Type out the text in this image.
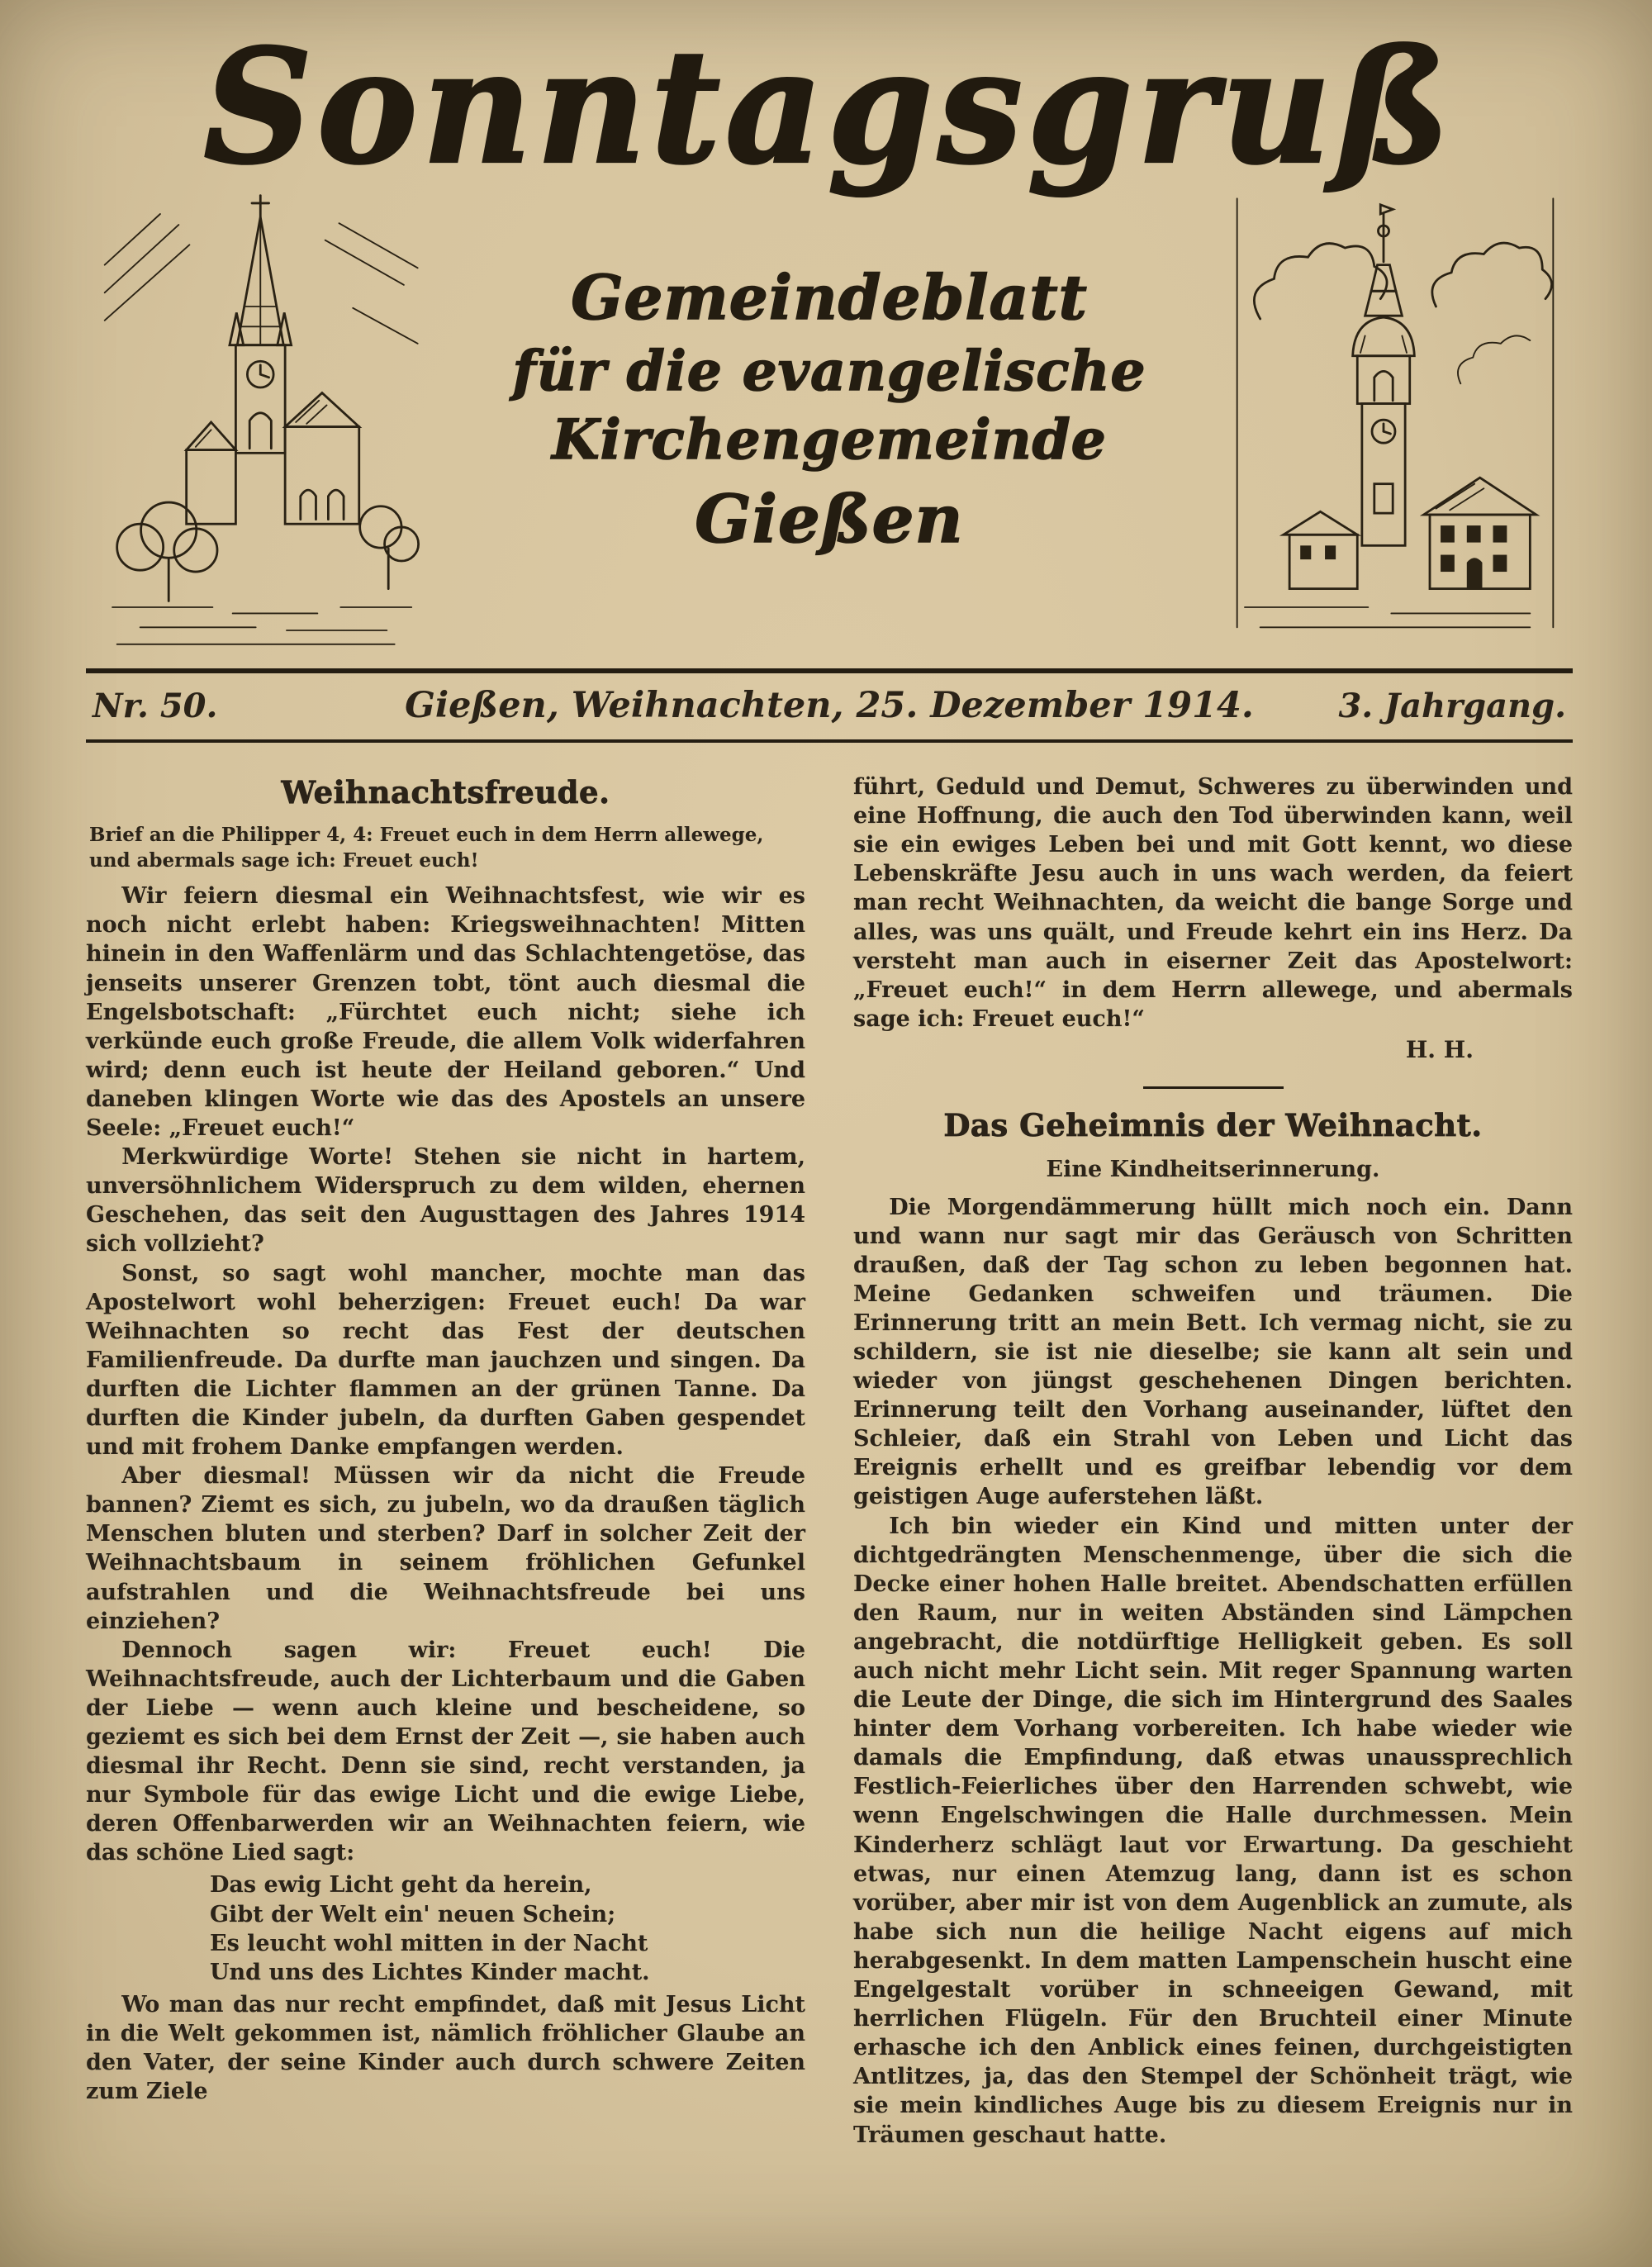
Sonntagsgruß
Gemeindeblatt
für die evangelische
Kirchengemeinde
Gießen
Nr. 50.	Gießen, Weihnachten, 25. Dezember 1914.	3. Jahrgang.
Weihnachtsfreude.

Brief an die Philipper 4, 4: Freuet euch in dem Herrn allewege, und abermals sage ich: Freuet euch!

Wir feiern diesmal ein Weihnachtsfest, wie wir es noch nicht erlebt haben: Kriegsweihnachten! Mitten hinein in den Waffenlärm und das Schlachtengetöse, das jenseits unserer Grenzen tobt, tönt auch diesmal die Engelsbotschaft: „Fürchtet euch nicht; siehe ich verkünde euch große Freude, die allem Volk widerfahren wird; denn euch ist heute der Heiland geboren.“ Und daneben klingen Worte wie das des Apostels an unsere Seele: „Freuet euch!“

Merkwürdige Worte! Stehen sie nicht in hartem, unversöhnlichem Widerspruch zu dem wilden, ehernen Geschehen, das seit den Augusttagen des Jahres 1914 sich vollzieht?

Sonst, so sagt wohl mancher, mochte man das Apostelwort wohl beherzigen: Freuet euch! Da war Weihnachten so recht das Fest der deutschen Familienfreude. Da durfte man jauchzen und singen. Da durften die Lichter flammen an der grünen Tanne. Da durften die Kinder jubeln, da durften Gaben gespendet und mit frohem Danke empfangen werden.

Aber diesmal! Müssen wir da nicht die Freude bannen? Ziemt es sich, zu jubeln, wo da draußen täglich Menschen bluten und sterben? Darf in solcher Zeit der Weihnachtsbaum in seinem fröhlichen Gefunkel aufstrahlen und die Weihnachtsfreude bei uns einziehen?

Dennoch sagen wir: Freuet euch! Die Weihnachtsfreude, auch der Lichterbaum und die Gaben der Liebe — wenn auch kleine und bescheidene, so geziemt es sich bei dem Ernst der Zeit —, sie haben auch diesmal ihr Recht. Denn sie sind, recht verstanden, ja nur Symbole für das ewige Licht und die ewige Liebe, deren Offenbarwerden wir an Weihnachten feiern, wie das schöne Lied sagt:

Das ewig Licht geht da herein,
Gibt der Welt ein' neuen Schein;
Es leucht wohl mitten in der Nacht
Und uns des Lichtes Kinder macht.

Wo man das nur recht empfindet, daß mit Jesus Licht in die Welt gekommen ist, nämlich fröhlicher Glaube an den Vater, der seine Kinder auch durch schwere Zeiten zum Ziele

führt, Geduld und Demut, Schweres zu überwinden und eine Hoffnung, die auch den Tod überwinden kann, weil sie ein ewiges Leben bei und mit Gott kennt, wo diese Lebenskräfte Jesu auch in uns wach werden, da feiert man recht Weihnachten, da weicht die bange Sorge und alles, was uns quält, und Freude kehrt ein ins Herz. Da versteht man auch in eiserner Zeit das Apostelwort: „Freuet euch!“ in dem Herrn allewege, und abermals sage ich: Freuet euch!“

H. H.
Das Geheimnis der Weihnacht.
Eine Kindheitserinnerung.

Die Morgendämmerung hüllt mich noch ein. Dann und wann nur sagt mir das Geräusch von Schritten draußen, daß der Tag schon zu leben begonnen hat. Meine Gedanken schweifen und träumen. Die Erinnerung tritt an mein Bett. Ich vermag nicht, sie zu schildern, sie ist nie dieselbe; sie kann alt sein und wieder von jüngst geschehenen Dingen berichten. Erinnerung teilt den Vorhang auseinander, lüftet den Schleier, daß ein Strahl von Leben und Licht das Ereignis erhellt und es greifbar lebendig vor dem geistigen Auge auferstehen läßt.

Ich bin wieder ein Kind und mitten unter der dichtgedrängten Menschenmenge, über die sich die Decke einer hohen Halle breitet. Abendschatten erfüllen den Raum, nur in weiten Abständen sind Lämpchen angebracht, die notdürftige Helligkeit geben. Es soll auch nicht mehr Licht sein. Mit reger Spannung warten die Leute der Dinge, die sich im Hintergrund des Saales hinter dem Vorhang vorbereiten. Ich habe wieder wie damals die Empfindung, daß etwas unaussprechlich Festlich-Feierliches über den Harrenden schwebt, wie wenn Engelschwingen die Halle durchmessen. Mein Kinderherz schlägt laut vor Erwartung. Da geschieht etwas, nur einen Atemzug lang, dann ist es schon vorüber, aber mir ist von dem Augenblick an zumute, als habe sich nun die heilige Nacht eigens auf mich herabgesenkt. In dem matten Lampenschein huscht eine Engelgestalt vorüber in schneeigen Gewand, mit herrlichen Flügeln. Für den Bruchteil einer Minute erhasche ich den Anblick eines feinen, durchgeistigten Antlitzes, ja, das den Stempel der Schönheit trägt, wie sie mein kindliches Auge bis zu diesem Ereignis nur in Träumen geschaut hatte.
